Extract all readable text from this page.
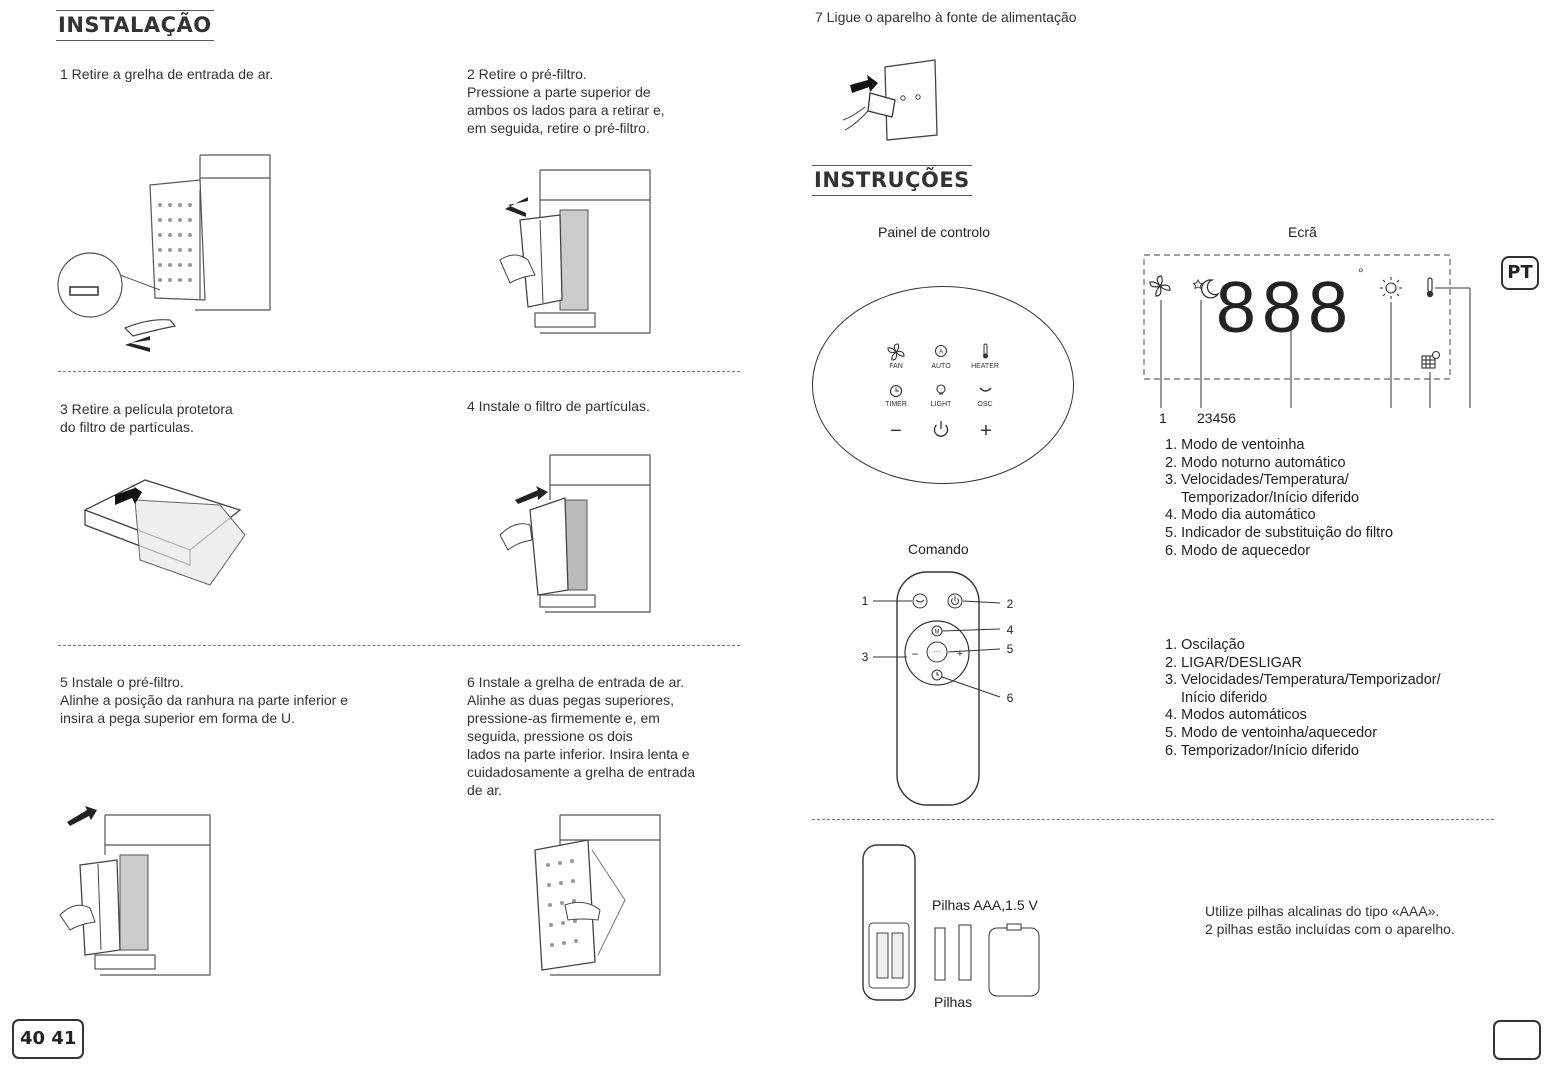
INSTALAÇÃO
1 Retire a grelha de entrada de ar.	2 Retire o pré-filtro.
Pressione a parte superior de
ambos os lados para a retirar e,
em seguida, retire o pré-filtro.
3 Retire a película protetora
do filtro de partículas.
4 Instale o filtro de partículas.
5 Instale o pré-filtro.
Alinhe a posição da ranhura na parte inferior e
insira a pega superior em forma de U.
6 Instale a grelha de entrada de ar.
Alinhe as duas pegas superiores,
pressione-as firmemente e, em
seguida, pressione os dois
lados na parte inferior. Insira lenta e
cuidadosamente a grelha de entrada
de ar.
40 41
7 Ligue o aparelho à fonte de alimentação
INSTRUÇÕES
Painel de controlo	Ecrã
PT
A
FAN	AUTO	HEATER
TIMER	LIGHT	OSC
−	+
888 °
1 23456
1. Modo de ventoinha
2. Modo noturno automático
3. Velocidades/Temperatura/
Temporizador/Início diferido
4. Modo dia automático
5. Indicador de substituição do filtro
6. Modo de aquecedor
Comando
M
···
−	+
1	2
3
4
5
6
1. Oscilação
2. LIGAR/DESLIGAR
3. Velocidades/Temperatura/Temporizador/
Início diferido
4. Modos automáticos
5. Modo de ventoinha/aquecedor
6. Temporizador/Início diferido
Pilhas AAA,1.5 V
Pilhas
Utilize pilhas alcalinas do tipo «AAA».
2 pilhas estão incluídas com o aparelho.
